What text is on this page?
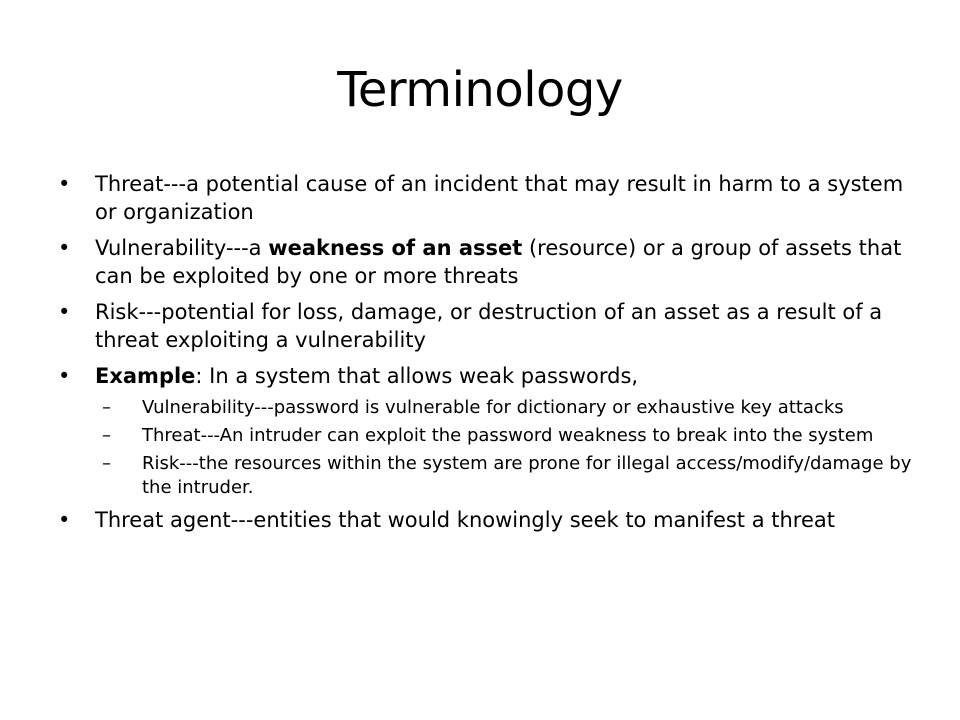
Terminology
• Threat---a potential cause of an incident that may result in harm to a system or organization
• Vulnerability---a weakness of an asset (resource) or a group of assets that can be exploited by one or more threats
• Risk---potential for loss, damage, or destruction of an asset as a result of a threat exploiting a vulnerability
• Example: In a system that allows weak passwords,
– Vulnerability---password is vulnerable for dictionary or exhaustive key attacks
– Threat---An intruder can exploit the password weakness to break into the system
– Risk---the resources within the system are prone for illegal access/modify/damage by the intruder.
• Threat agent---entities that would knowingly seek to manifest a threat
